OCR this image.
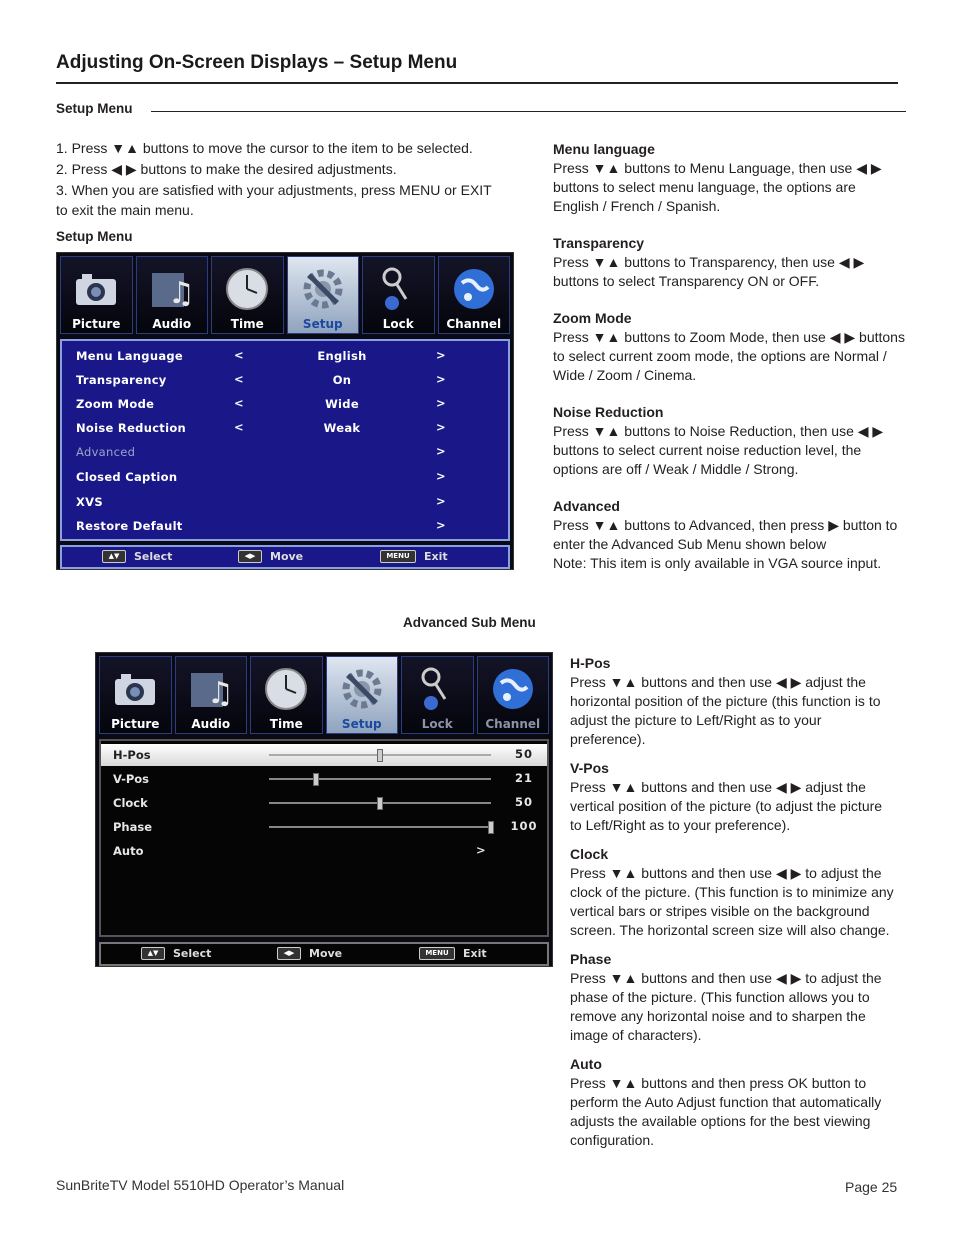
Adjusting On-Screen Displays – Setup Menu
Setup Menu
1. Press ▼▲ buttons to move the cursor to the item to be selected.
2. Press ◀ ▶ buttons to make the desired adjustments.
3. When you are satisfied with your adjustments, press MENU or EXIT to exit the main menu.
Setup Menu
Picture
♫
Audio	Time	Setup	Lock	Channel
Menu Language	<	English	>
Transparency	<	On	>
Zoom Mode	<	Wide	>
Noise Reduction	<	Weak	>
Advanced	>
Closed Caption	>
XVS	>
Restore Default	>
▲▼	Select	◀▶	Move	MENU	Exit
Menu language

Press ▼▲ buttons to Menu Language, then use ◀ ▶ buttons to select menu language, the options are English / French / Spanish.

Transparency

Press ▼▲ buttons to Transparency, then use ◀ ▶ buttons to select Transparency ON or OFF.

Zoom Mode

Press ▼▲ buttons to Zoom Mode, then use ◀ ▶ buttons to select current zoom mode, the options are Normal / Wide / Zoom / Cinema.

Noise Reduction

Press ▼▲ buttons to Noise Reduction, then use ◀ ▶ buttons to select current noise reduction level, the options are off / Weak / Middle / Strong.

Advanced

Press ▼▲ buttons to Advanced, then press ▶ button to enter the Advanced Sub Menu shown below

Note: This item is only available in VGA source input.

Advanced Sub Menu
Picture
♫
Audio	Time	Setup	Lock	Channel
H-Pos	50
V-Pos	21
Clock	50
Phase	100
Auto	>
▲▼	Select	◀▶	Move	MENU	Exit
H-Pos

Press ▼▲ buttons and then use ◀ ▶ adjust the horizontal position of the picture (this function is to adjust the picture to Left/Right as to your preference).

V-Pos

Press ▼▲ buttons and then use ◀ ▶ adjust the vertical position of the picture (to adjust the picture to Left/Right as to your preference).

Clock

Press ▼▲ buttons and then use ◀ ▶ to adjust the clock of the picture. (This function is to minimize any vertical bars or stripes visible on the background screen. The horizontal screen size will also change.

Phase

Press ▼▲ buttons and then use ◀ ▶ to adjust the phase of the picture. (This function allows you to remove any horizontal noise and to sharpen the image of characters).

Auto

Press ▼▲ buttons and then press OK button to perform the Auto Adjust function that automatically adjusts the available options for the best viewing configuration.

SunBriteTV Model 5510HD Operator’s Manual	Page 25
